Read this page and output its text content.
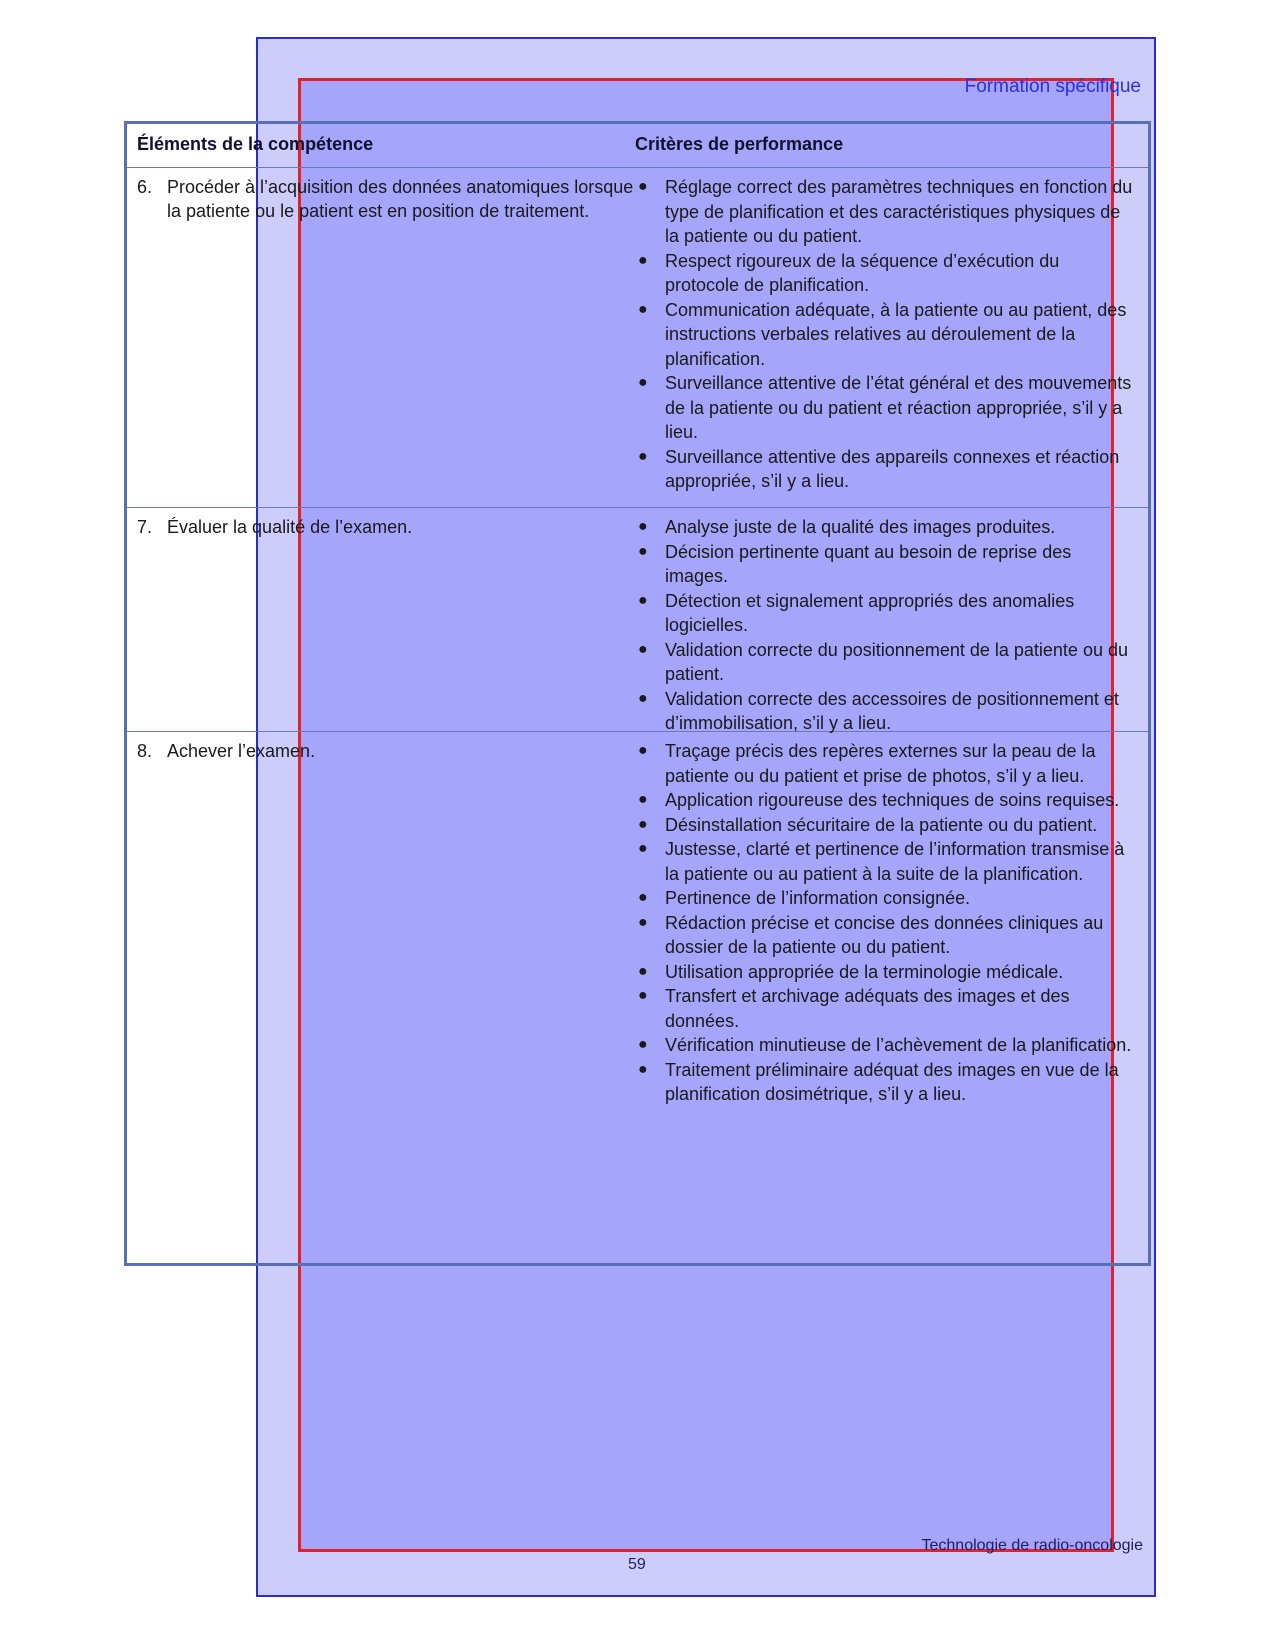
Formation spécifique
Éléments de la compétence	Critères de performance
6. Procéder à l’acquisition des données anatomiques lorsque la patiente ou le patient est en position de traitement.
● Réglage correct des paramètres techniques en fonction du type de planification et des caractéristiques physiques de la patiente ou du patient.
● Respect rigoureux de la séquence d’exécution du protocole de planification.
● Communication adéquate, à la patiente ou au patient, des instructions verbales relatives au déroulement de la planification.
● Surveillance attentive de l’état général et des mouvements de la patiente ou du patient et réaction appropriée, s’il y a lieu.
● Surveillance attentive des appareils connexes et réaction appropriée, s’il y a lieu.
7. Évaluer la qualité de l’examen.	● Analyse juste de la qualité des images produites.
● Décision pertinente quant au besoin de reprise des images.
● Détection et signalement appropriés des anomalies logicielles.
● Validation correcte du positionnement de la patiente ou du patient.
● Validation correcte des accessoires de positionnement et d’immobilisation, s’il y a lieu.
8. Achever l’examen.	● Traçage précis des repères externes sur la peau de la patiente ou du patient et prise de photos, s’il y a lieu.
● Application rigoureuse des techniques de soins requises.
● Désinstallation sécuritaire de la patiente ou du patient.
● Justesse, clarté et pertinence de l’information transmise à la patiente ou au patient à la suite de la planification.
● Pertinence de l’information consignée.
● Rédaction précise et concise des données cliniques au dossier de la patiente ou du patient.
● Utilisation appropriée de la terminologie médicale.
● Transfert et archivage adéquats des images et des données.
● Vérification minutieuse de l’achèvement de la planification.
● Traitement préliminaire adéquat des images en vue de la planification dosimétrique, s’il y a lieu.
Technologie de radio-oncologie
59
